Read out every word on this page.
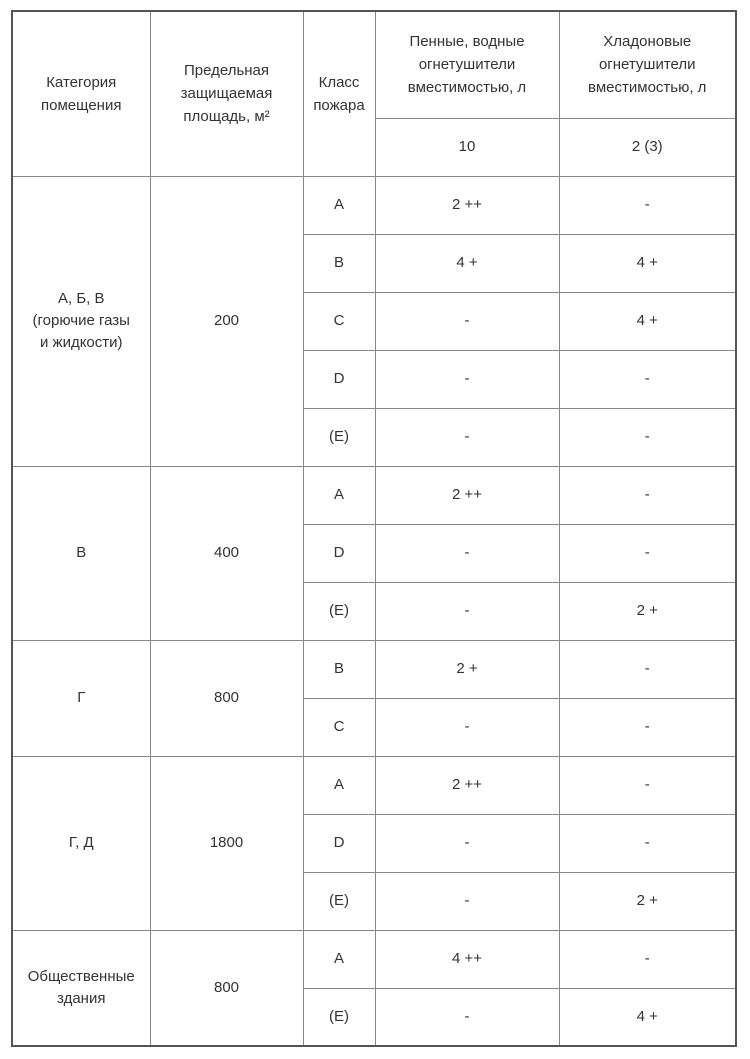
Категория
помещения	Предельная
защищаемая
площадь, м²	Класс
пожара	Пенные, водные
огнетушители
вместимостью, л	Хладоновые
огнетушители
вместимостью, л
			10	2 (3)
А, Б, В
(горючие газы
и жидкости)	200	A	2 ++	-
		B	4 +	4 +
		C	-	4 +
		D	-	-
		(E)	-	-
В	400	A	2 ++	-
		D	-	-
		(E)	-	2 +
Г	800	B	2 +	-
		C	-	-
Г, Д	1800	A	2 ++	-
		D	-	-
		(E)	-	2 +
Общественные
здания	800	A	4 ++	-
		(E)	-	4 +
